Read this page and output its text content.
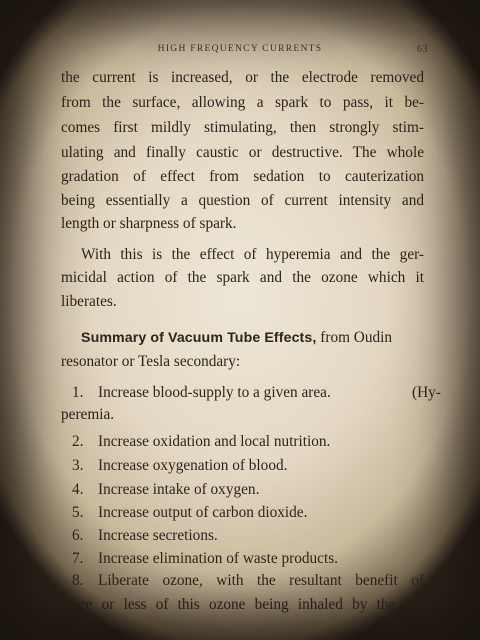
HIGH FREQUENCY CURRENTS	63
the current is increased, or the electrode removed
from the surface, allowing a spark to pass, it be-
comes first mildly stimulating, then strongly stim-
ulating and finally caustic or destructive. The whole
gradation of effect from sedation to cauterization
being essentially a question of current intensity and
length or sharpness of spark.
With this is the effect of hyperemia and the ger-
micidal action of the spark and the ozone which it
liberates.
Summary of Vacuum Tube Effects, from Oudin
resonator or Tesla secondary:
1. Increase blood-supply to a given area.	(Hy-
peremia.
2. Increase oxidation and local nutrition.
3. Increase oxygenation of blood.
4. Increase intake of oxygen.
5. Increase output of carbon dioxide.
6. Increase secretions.
7. Increase elimination of waste products.
8. Liberate ozone, with the resultant benefit of
more or less of this ozone being inhaled by the pa-
